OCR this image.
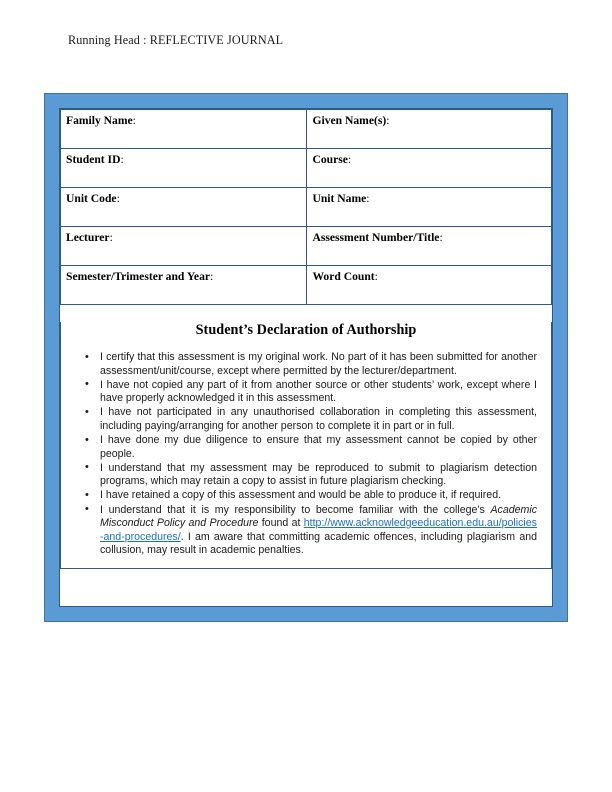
Running Head : REFLECTIVE JOURNAL
Family Name:	Given Name(s):

Student ID:	Course:

Unit Code:	Unit Name:

Lecturer:	Assessment Number/Title:

Semester/Trimester and Year:	Word Count:
Student’s Declaration of Authorship
• I certify that this assessment is my original work. No part of it has been submitted for another assessment/unit/course, except where permitted by the lecturer/department.
• I have not copied any part of it from another source or other students’ work, except where I have properly acknowledged it in this assessment.
• I have not participated in any unauthorised collaboration in completing this assessment, including paying/arranging for another person to complete it in part or in full.
• I have done my due diligence to ensure that my assessment cannot be copied by other people.
• I understand that my assessment may be reproduced to submit to plagiarism detection programs, which may retain a copy to assist in future plagiarism checking.
• I have retained a copy of this assessment and would be able to produce it, if required.
• I understand that it is my responsibility to become familiar with the college’s Academic Misconduct Policy and Procedure found at http://www.acknowledgeeducation.edu.au/policies-and-procedures/. I am aware that committing academic offences, including plagiarism and collusion, may result in academic penalties.
